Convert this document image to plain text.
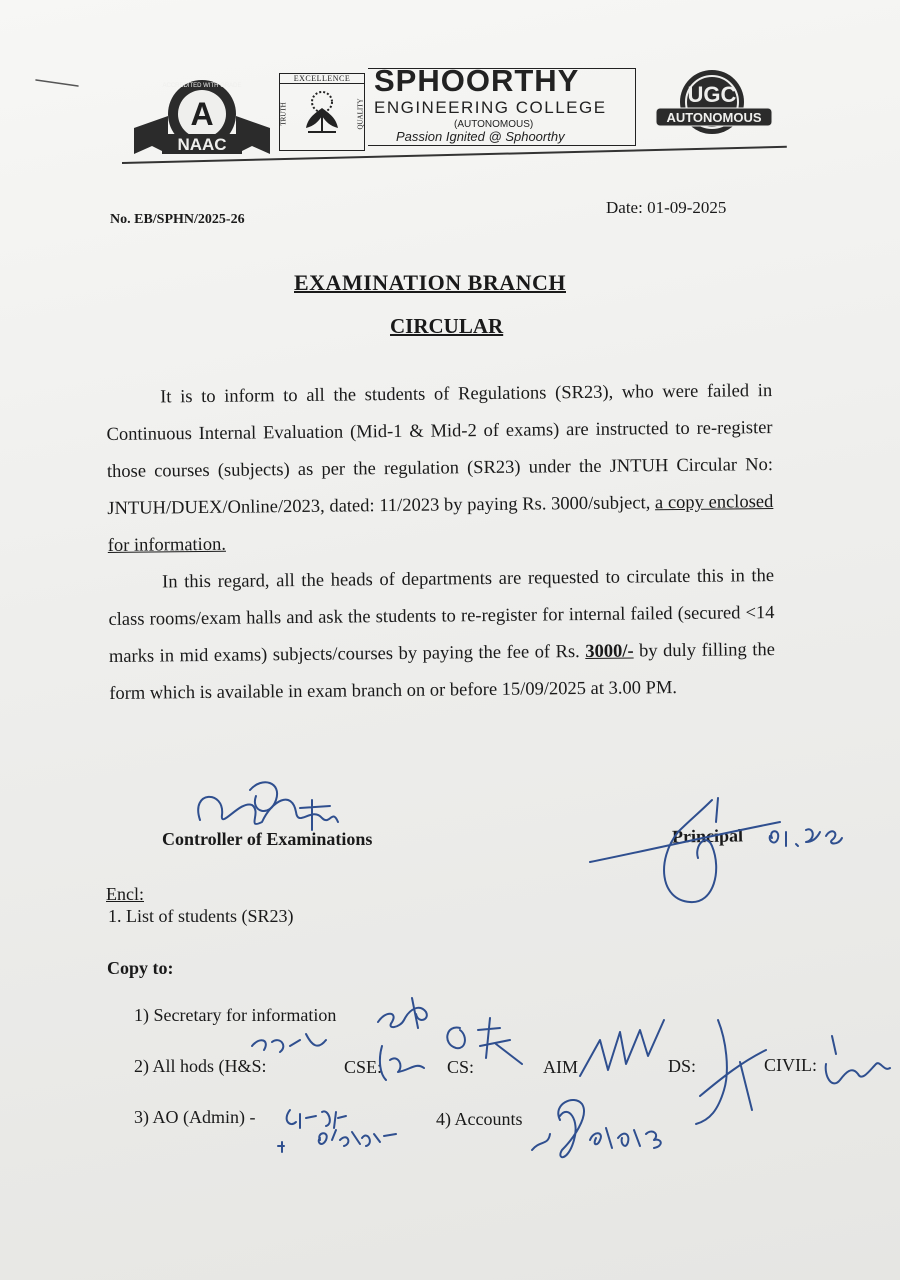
A
ACCREDITED WITH GRADE
NAAC
EXCELLENCE
TRUTH	QUALITY
SPHOORTHY
ENGINEERING COLLEGE
(AUTONOMOUS)
Passion Ignited @ Sphoorthy
UGC
AUTONOMOUS
No. EB/SPHN/2025-26
Date: 01-09-2025
EXAMINATION BRANCH
CIRCULAR

It is to inform to all the students of Regulations (SR23), who were failed in Continuous Internal Evaluation (Mid-1 & Mid-2 of exams) are instructed to re-register those courses (subjects) as per the regulation (SR23) under the JNTUH Circular No: JNTUH/DUEX/Online/2023, dated: 11/2023 by paying Rs. 3000/subject, a copy enclosed for information.

In this regard, all the heads of departments are requested to circulate this in the class rooms/exam halls and ask the students to re-register for internal failed (secured <14 marks in mid exams) subjects/courses by paying the fee of Rs. 3000/- by duly filling the form which is available in exam branch on or before 15/09/2025 at 3.00 PM.

Controller of Examinations	Principal
Encl:
1. List of students (SR23)
Copy to:
1) Secretary for information
2) All hods (H&S:	CSE:	CS:	AIM	DS:	CIVIL:
3) AO (Admin) -	4) Accounts
